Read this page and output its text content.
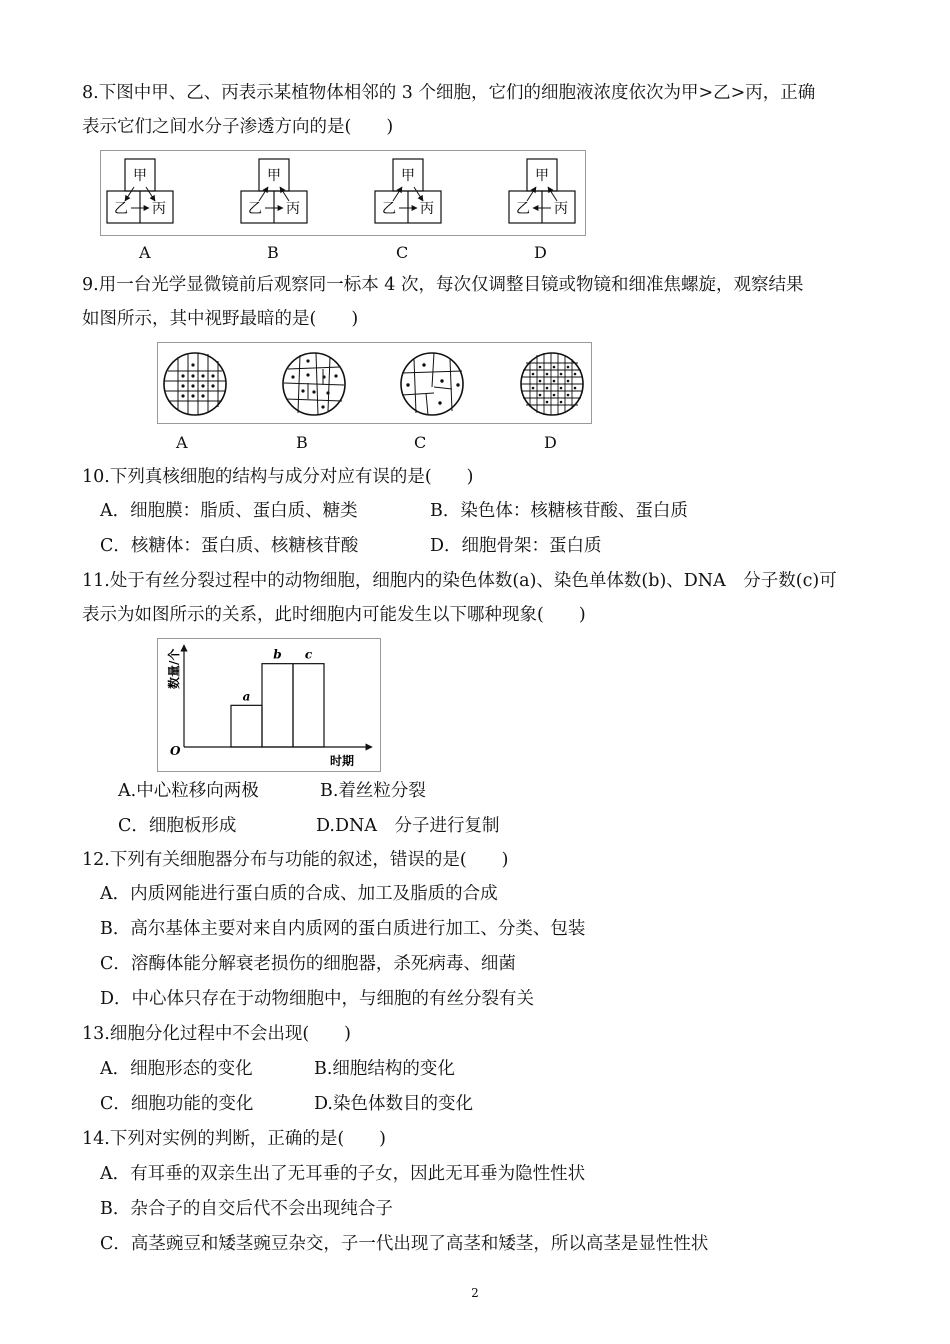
8.下图中甲、乙、丙表示某植物体相邻的 3 个细胞，它们的细胞液浓度依次为甲>乙>丙，正确
表示它们之间水分子渗透方向的是(　　)
甲
乙 丙
甲
乙 丙
甲
乙 丙
甲
乙 丙
A	B	C	D
9.用一台光学显微镜前后观察同一标本 4 次，每次仅调整目镜或物镜和细准焦螺旋，观察结果
如图所示，其中视野最暗的是(　　)
A	B	C	D
10.下列真核细胞的结构与成分对应有误的是(　　)
A．细胞膜：脂质、蛋白质、糖类	B．染色体：核糖核苷酸、蛋白质
C．核糖体：蛋白质、核糖核苷酸	D．细胞骨架：蛋白质
11.处于有丝分裂过程中的动物细胞，细胞内的染色体数(a)、染色单体数(b)、DNA　分子数(c)可
表示为如图所示的关系，此时细胞内可能发生以下哪种现象(　　)
O
时期
数量/个
a
b c
A.中心粒移向两极	B.着丝粒分裂
C．细胞板形成	D.DNA　分子进行复制
12.下列有关细胞器分布与功能的叙述，错误的是(　　)
A．内质网能进行蛋白质的合成、加工及脂质的合成
B．高尔基体主要对来自内质网的蛋白质进行加工、分类、包装
C．溶酶体能分解衰老损伤的细胞器，杀死病毒、细菌
D．中心体只存在于动物细胞中，与细胞的有丝分裂有关
13.细胞分化过程中不会出现(　　)
A．细胞形态的变化	B.细胞结构的变化
C．细胞功能的变化	D.染色体数目的变化
14.下列对实例的判断，正确的是(　　)
A．有耳垂的双亲生出了无耳垂的子女，因此无耳垂为隐性性状
B．杂合子的自交后代不会出现纯合子
C．高茎豌豆和矮茎豌豆杂交，子一代出现了高茎和矮茎，所以高茎是显性性状
2
